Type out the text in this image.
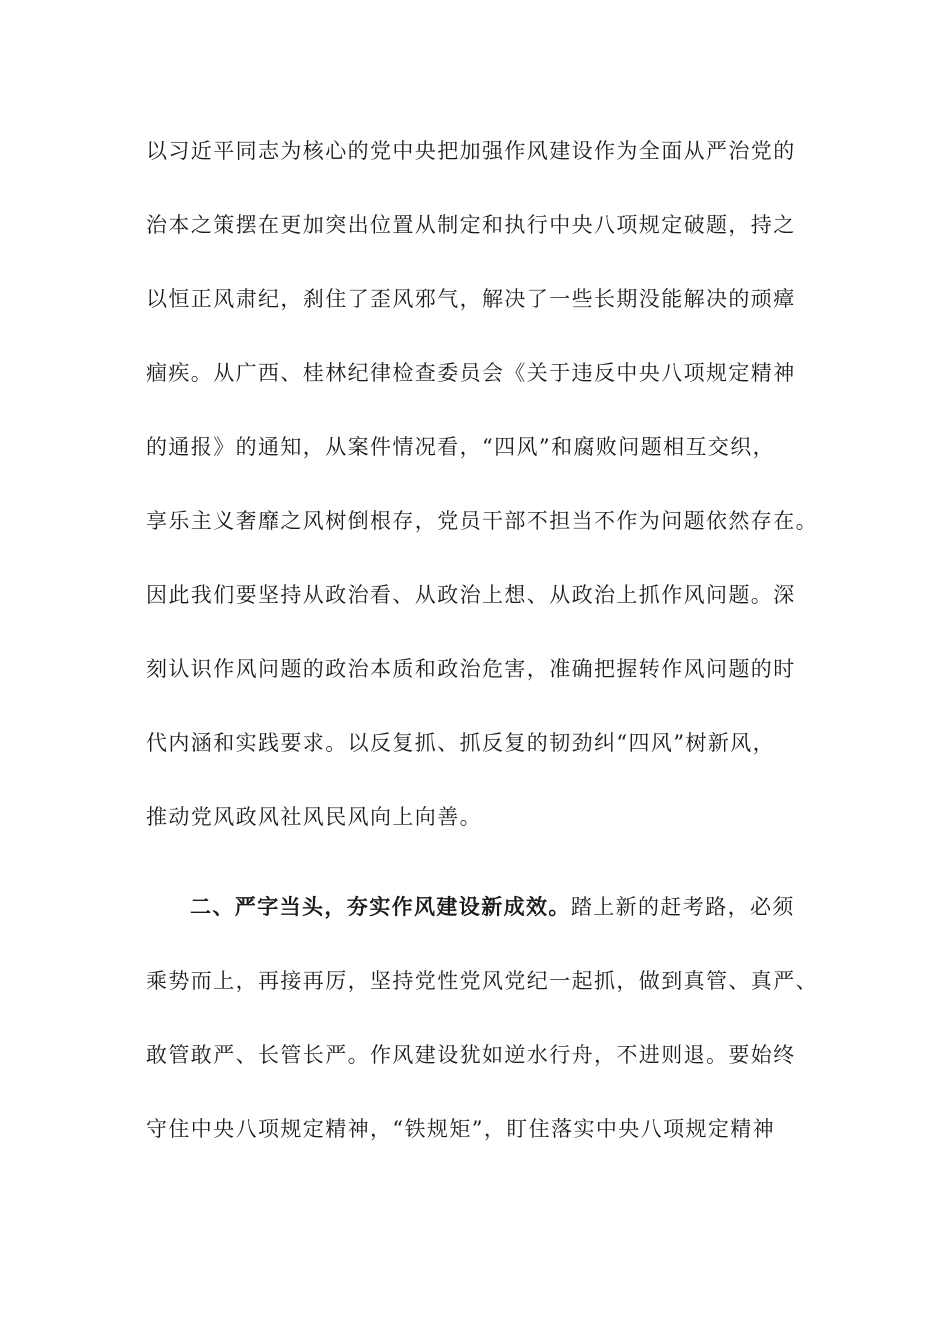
以习近平同志为核心的党中央把加强作风建设作为全面从严治党的
治本之策摆在更加突出位置从制定和执行中央八项规定破题，持之
以恒正风肃纪，刹住了歪风邪气，解决了一些长期没能解决的顽瘴
痼疾。从广西、桂林纪律检查委员会《关于违反中央八项规定精神
的通报》的通知，从案件情况看，“四风”和腐败问题相互交织，
享乐主义奢靡之风树倒根存，党员干部不担当不作为问题依然存在。
因此我们要坚持从政治看、从政治上想、从政治上抓作风问题。深
刻认识作风问题的政治本质和政治危害，准确把握转作风问题的时
代内涵和实践要求。以反复抓、抓反复的韧劲纠“四风”树新风，
推动党风政风社风民风向上向善。
二、严字当头，夯实作风建设新成效。踏上新的赶考路，必须
乘势而上，再接再厉，坚持党性党风党纪一起抓，做到真管、真严、
敢管敢严、长管长严。作风建设犹如逆水行舟，不进则退。要始终
守住中央八项规定精神，“铁规矩”，盯住落实中央八项规定精神
